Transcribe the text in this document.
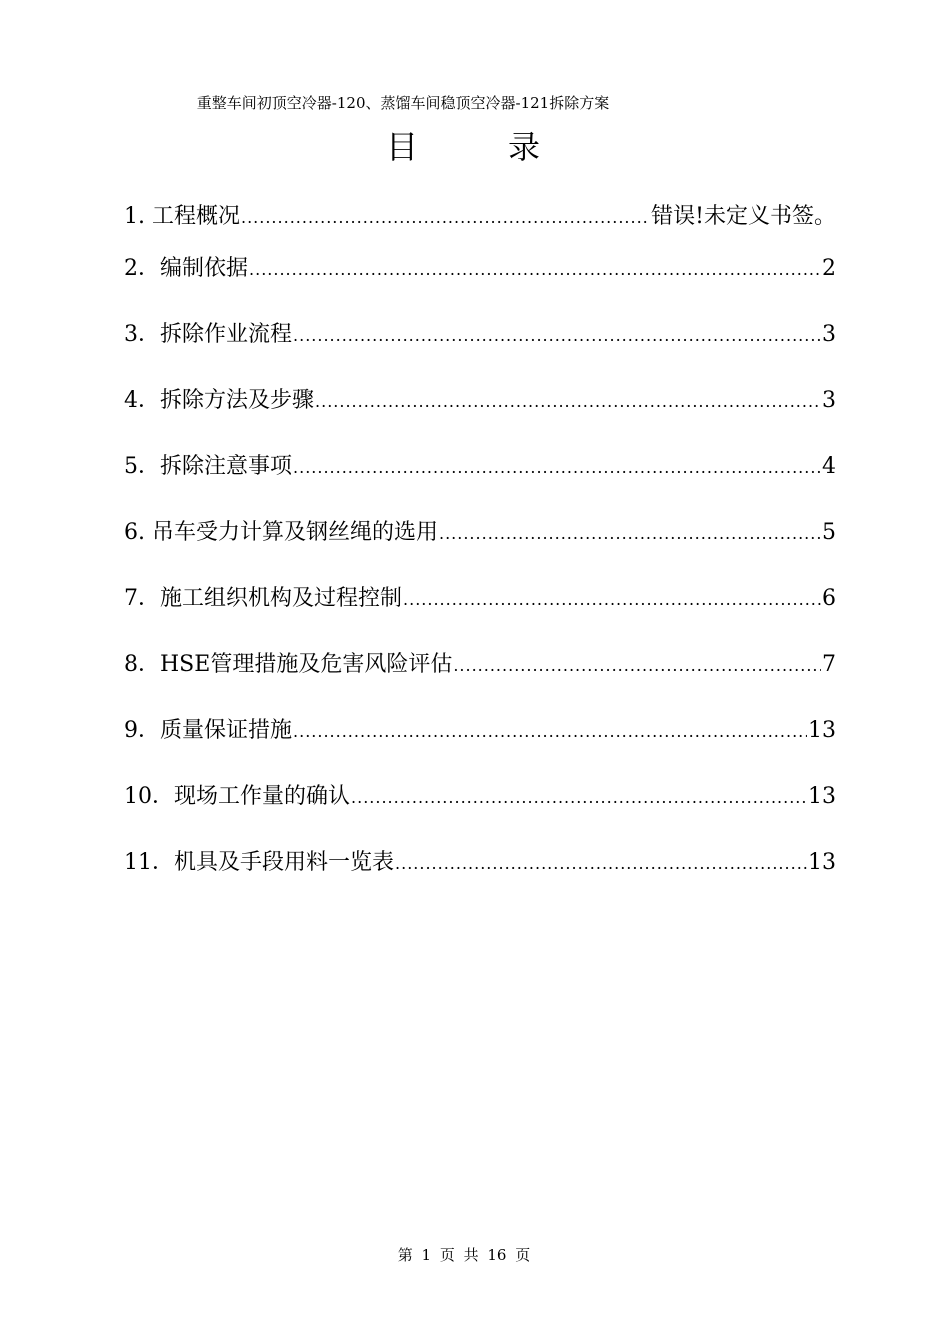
重整车间初顶空冷器-120、蒸馏车间稳顶空冷器-121拆除方案
目	录
1. 工程概况 .....	错误!未定义书签。
2． 编制依据 .....	2
3． 拆除作业流程 .....	3
4． 拆除方法及步骤 .....	3
5． 拆除注意事项 .....	4
6. 吊车受力计算及钢丝绳的选用 .....	5
7． 施工组织机构及过程控制 .....	6
8． HSE管理措施及危害风险评估 .....	7
9． 质量保证措施 .....	13
10． 现场工作量的确认 .....	13
11． 机具及手段用料一览表 .....	13
第 1 页 共 16 页
